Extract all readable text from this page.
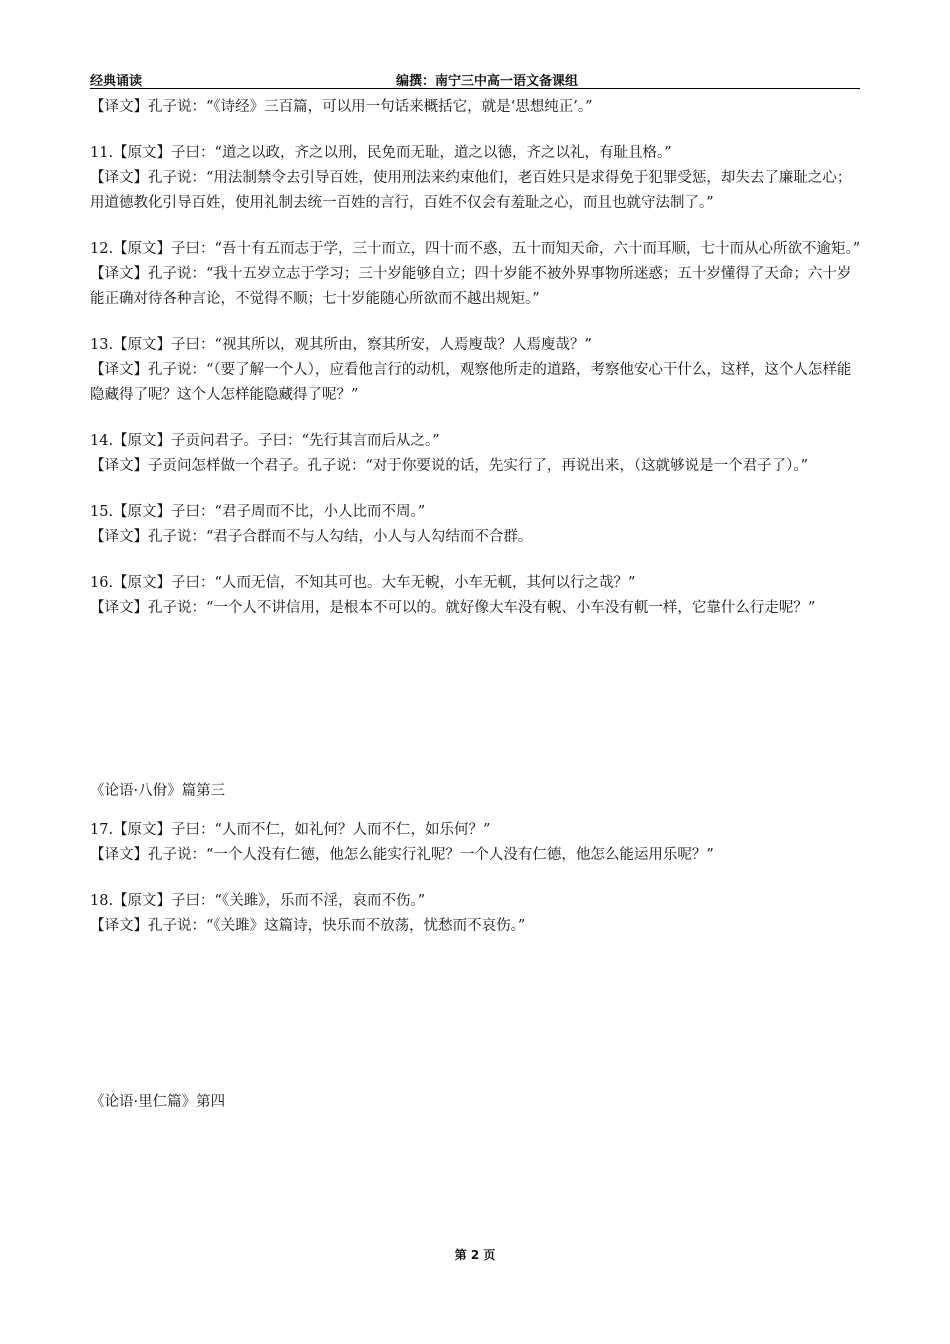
经典诵读	编撰：南宁三中高一语文备课组

【译文】孔子说：“《诗经》三百篇，可以用一句话来概括它，就是‘思想纯正’。”

11.【原文】子曰：“道之以政，齐之以刑，民免而无耻，道之以德，齐之以礼，有耻且格。”

【译文】孔子说：“用法制禁令去引导百姓，使用刑法来约束他们，老百姓只是求得免于犯罪受惩，却失去了廉耻之心；用道德教化引导百姓，使用礼制去统一百姓的言行，百姓不仅会有羞耻之心，而且也就守法制了。”

12.【原文】子曰：“吾十有五而志于学，三十而立，四十而不惑，五十而知天命，六十而耳顺，七十而从心所欲不逾矩。”

【译文】孔子说：“我十五岁立志于学习；三十岁能够自立；四十岁能不被外界事物所迷惑；五十岁懂得了天命；六十岁能正确对待各种言论，不觉得不顺；七十岁能随心所欲而不越出规矩。”

13.【原文】子曰：“视其所以，观其所由，察其所安，人焉廋哉？人焉廋哉？”

【译文】孔子说：“（要了解一个人），应看他言行的动机，观察他所走的道路，考察他安心干什么，这样，这个人怎样能隐藏得了呢？这个人怎样能隐藏得了呢？”

14.【原文】子贡问君子。子曰：“先行其言而后从之。”

【译文】子贡问怎样做一个君子。孔子说：“对于你要说的话，先实行了，再说出来，（这就够说是一个君子了）。”

15.【原文】子曰：“君子周而不比，小人比而不周。”

【译文】孔子说：“君子合群而不与人勾结，小人与人勾结而不合群。

16.【原文】子曰：“人而无信，不知其可也。大车无輗，小车无軏，其何以行之哉？”

【译文】孔子说：“一个人不讲信用，是根本不可以的。就好像大车没有輗、小车没有軏一样，它靠什么行走呢？”

《论语·八佾》篇第三

17.【原文】子曰：“人而不仁，如礼何？人而不仁，如乐何？”

【译文】孔子说：“一个人没有仁德，他怎么能实行礼呢？一个人没有仁德，他怎么能运用乐呢？”

18.【原文】子曰：“《关雎》，乐而不淫，哀而不伤。”

【译文】孔子说：“《关雎》这篇诗，快乐而不放荡，忧愁而不哀伤。”

《论语·里仁篇》第四

第 2 页
